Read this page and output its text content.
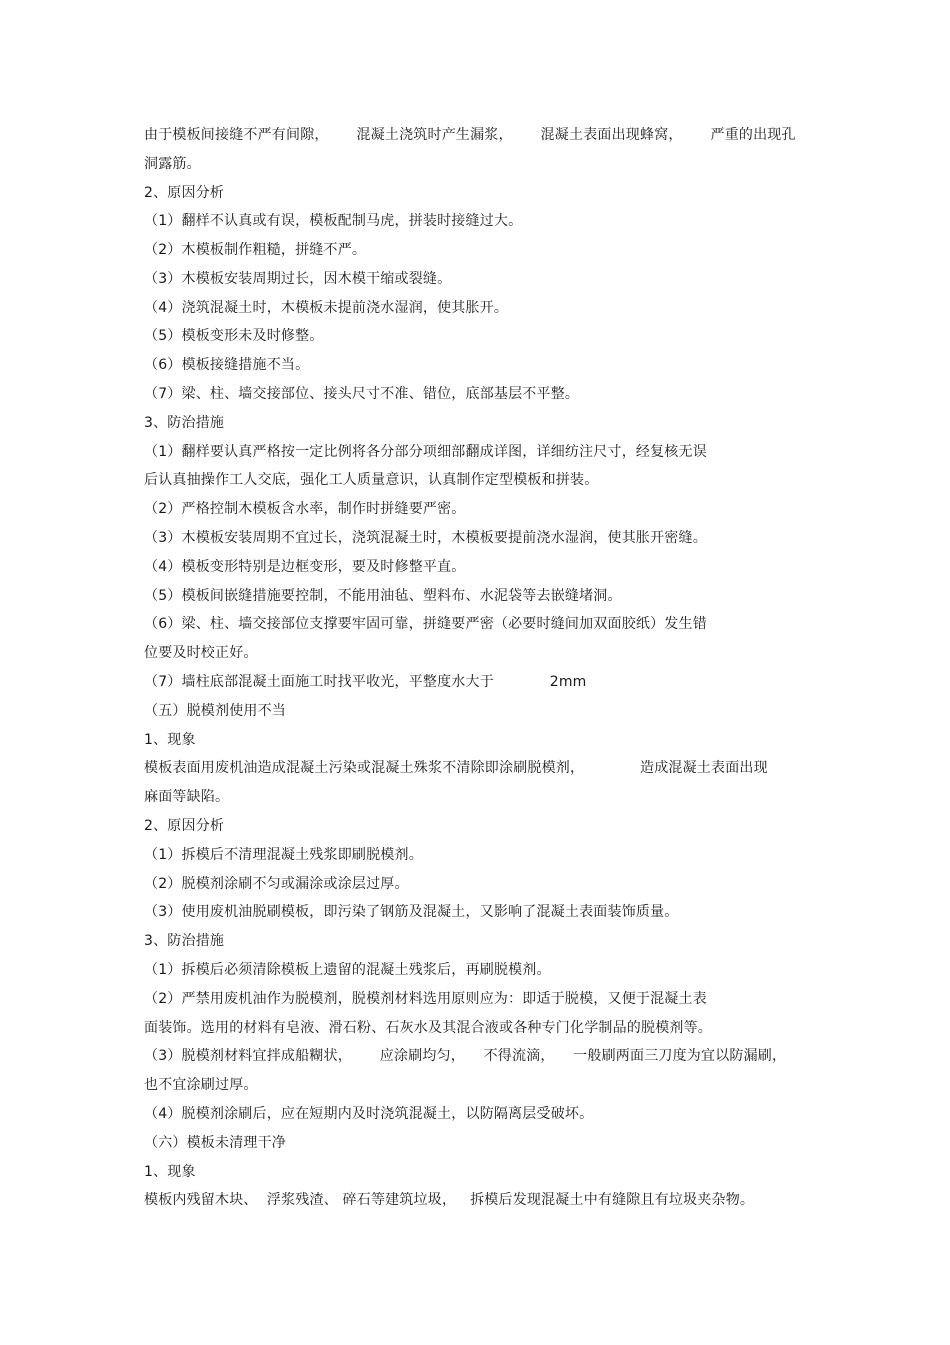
由于模板间接缝不严有间隙，      混凝土浇筑时产生漏浆，      混凝土表面出现蜂窝，      严重的出现孔
洞露筋。
2、原因分析
（1）翻样不认真或有误，模板配制马虎，拼装时接缝过大。
（2）木模板制作粗糙，拼缝不严。
（3）木模板安装周期过长，因木模干缩或裂缝。
（4）浇筑混凝土时，木模板未提前浇水湿润，使其胀开。
（5）模板变形未及时修整。
（6）模板接缝措施不当。
（7）梁、柱、墙交接部位、接头尺寸不准、错位，底部基层不平整。
3、防治措施
（1）翻样要认真严格按一定比例将各分部分项细部翻成详图，详细纺注尺寸，经复核无误
后认真抽操作工人交底，强化工人质量意识，认真制作定型模板和拼装。
（2）严格控制木模板含水率，制作时拼缝要严密。
（3）木模板安装周期不宜过长，浇筑混凝土时，木模板要提前浇水湿润，使其胀开密缝。
（4）模板变形特别是边框变形，要及时修整平直。
（5）模板间嵌缝措施要控制，不能用油毡、塑料布、水泥袋等去嵌缝堵洞。
（6）梁、柱、墙交接部位支撑要牢固可靠，拼缝要严密（必要时缝间加双面胶纸）发生错
位要及时校正好。
（7）墙柱底部混凝土面施工时找平收光，平整度水大于            2mm
（五）脱模剂使用不当
1、现象
模板表面用废机油造成混凝土污染或混凝土殊浆不清除即涂刷脱模剂，            造成混凝土表面出现
麻面等缺陷。
2、原因分析
（1）拆模后不清理混凝土残浆即刷脱模剂。
（2）脱模剂涂刷不匀或漏涂或涂层过厚。
（3）使用废机油脱刷模板，即污染了钢筋及混凝土，又影响了混凝土表面装饰质量。
3、防治措施
（1）拆模后必须清除模板上遗留的混凝土残浆后，再刷脱模剂。
（2）严禁用废机油作为脱模剂，脱模剂材料选用原则应为：即适于脱模，又便于混凝土表
面装饰。选用的材料有皂液、滑石粉、石灰水及其混合液或各种专门化学制品的脱模剂等。
（3）脱模剂材料宜拌成船糊状，      应涂刷均匀，    不得流滴，    一般刷两面三刀度为宜以防漏刷，
也不宜涂刷过厚。
（4）脱模剂涂刷后，应在短期内及时浇筑混凝土，以防隔离层受破坏。
（六）模板未清理干净
1、现象
模板内残留木块、  浮浆残渣、 碎石等建筑垃圾，   拆模后发现混凝土中有缝隙且有垃圾夹杂物。
